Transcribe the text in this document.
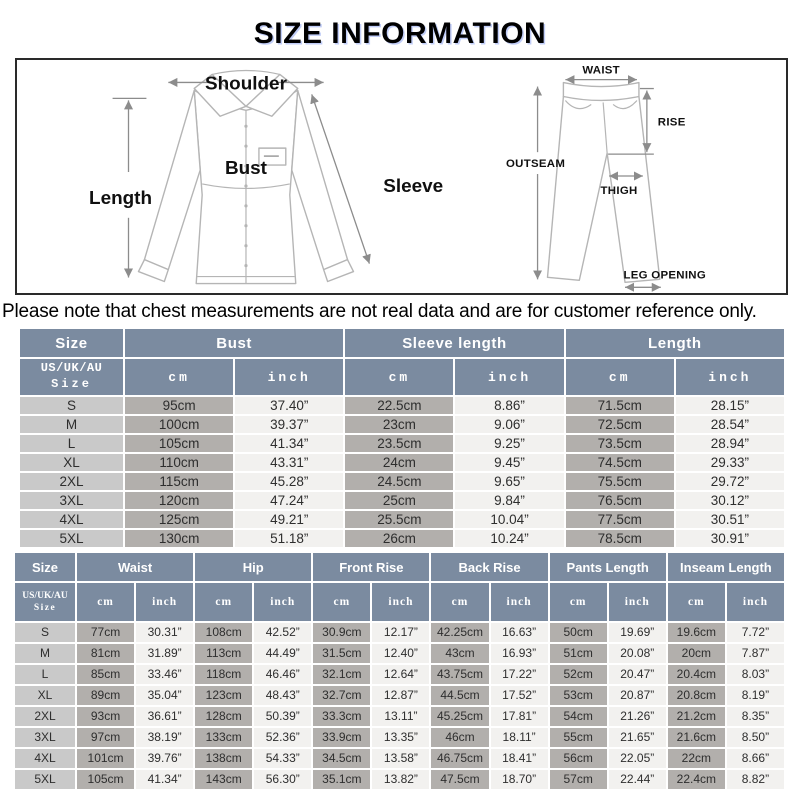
SIZE INFORMATION
Shoulder
Length
Sleeve
Bust
WAIST
RISE
OUTSEAM
THIGH
LEG OPENING
Please note that chest measurements are not real data and are for customer reference only.
Size	Bust		Sleeve length		Length	

US/UK/AU
Size	cm	inch	cm	inch	cm	inch
S	95cm	37.40”	22.5cm	8.86”	71.5cm	28.15”
M	100cm	39.37”	23cm	9.06”	72.5cm	28.54”
L	105cm	41.34”	23.5cm	9.25”	73.5cm	28.94”
XL	110cm	43.31”	24cm	9.45”	74.5cm	29.33”
2XL	115cm	45.28”	24.5cm	9.65”	75.5cm	29.72”
3XL	120cm	47.24”	25cm	9.84”	76.5cm	30.12”
4XL	125cm	49.21”	25.5cm	10.04”	77.5cm	30.51”
5XL	130cm	51.18”	26cm	10.24”	78.5cm	30.91”
Size	Waist		Hip		Front Rise		Back Rise		Pants Length		Inseam Length	

US/UK/AU
Size	cm	inch	cm	inch	cm	inch	cm	inch	cm	inch	cm	inch
S	77cm	30.31”	108cm	42.52”	30.9cm	12.17”	42.25cm	16.63”	50cm	19.69”	19.6cm	7.72”
M	81cm	31.89”	113cm	44.49”	31.5cm	12.40”	43cm	16.93”	51cm	20.08”	20cm	7.87”
L	85cm	33.46”	118cm	46.46”	32.1cm	12.64”	43.75cm	17.22”	52cm	20.47”	20.4cm	8.03”
XL	89cm	35.04”	123cm	48.43”	32.7cm	12.87”	44.5cm	17.52”	53cm	20.87”	20.8cm	8.19”
2XL	93cm	36.61”	128cm	50.39”	33.3cm	13.11”	45.25cm	17.81”	54cm	21.26”	21.2cm	8.35”
3XL	97cm	38.19”	133cm	52.36”	33.9cm	13.35”	46cm	18.11”	55cm	21.65”	21.6cm	8.50”
4XL	101cm	39.76”	138cm	54.33”	34.5cm	13.58”	46.75cm	18.41”	56cm	22.05”	22cm	8.66”
5XL	105cm	41.34”	143cm	56.30”	35.1cm	13.82”	47.5cm	18.70”	57cm	22.44”	22.4cm	8.82”
